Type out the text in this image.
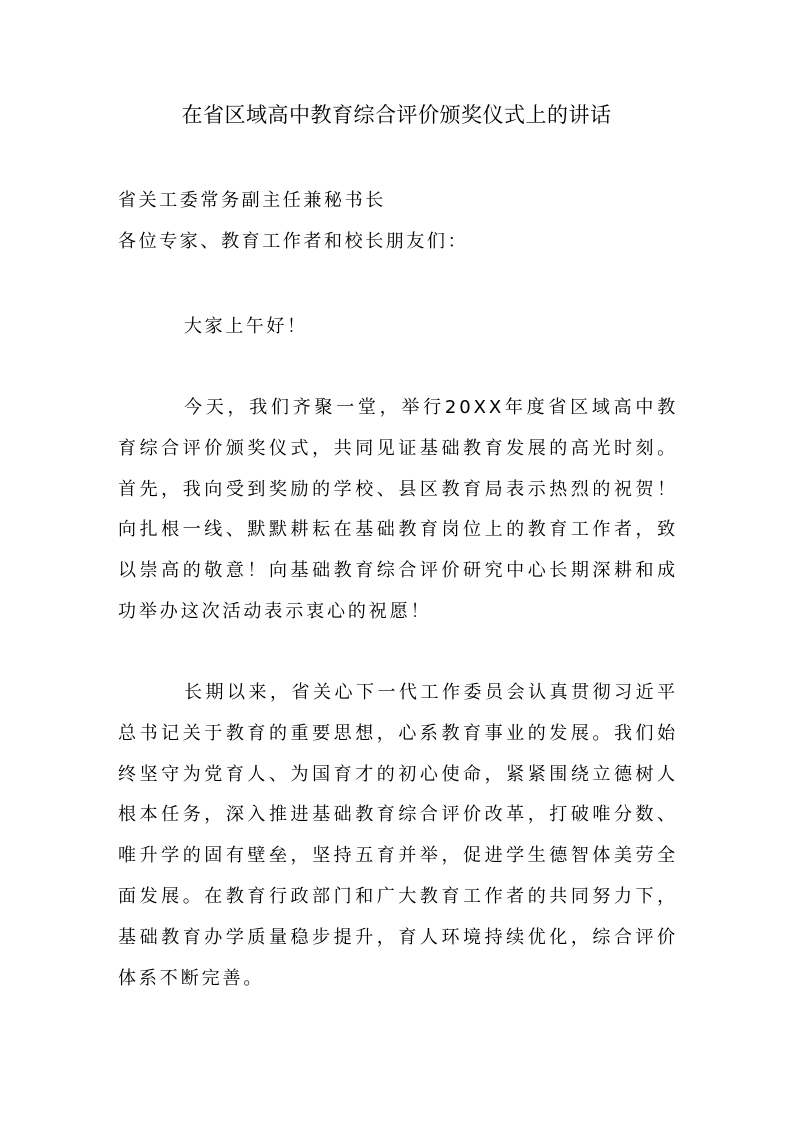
在省区域高中教育综合评价颁奖仪式上的讲话
省关工委常务副主任兼秘书长
各位专家、教育工作者和校长朋友们：
大家上午好！

今天，我们齐聚一堂，举行20XX年度省区域高中教育综合评价颁奖仪式，共同见证基础教育发展的高光时刻。首先，我向受到奖励的学校、县区教育局表示热烈的祝贺！向扎根一线、默默耕耘在基础教育岗位上的教育工作者，致以崇高的敬意！向基础教育综合评价研究中心长期深耕和成功举办这次活动表示衷心的祝愿！

长期以来，省关心下一代工作委员会认真贯彻习近平总书记关于教育的重要思想，心系教育事业的发展。我们始终坚守为党育人、为国育才的初心使命，紧紧围绕立德树人根本任务，深入推进基础教育综合评价改革，打破唯分数、唯升学的固有壁垒，坚持五育并举，促进学生德智体美劳全面发展。在教育行政部门和广大教育工作者的共同努力下，基础教育办学质量稳步提升，育人环境持续优化，综合评价体系不断完善。
